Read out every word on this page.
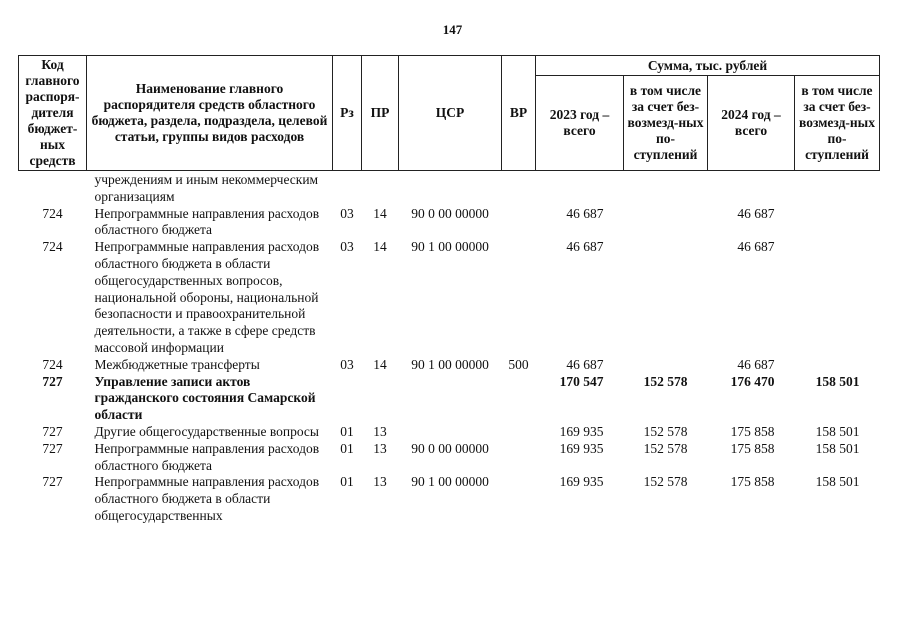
147
Код главного распоря-дителя бюджет-ных средств	Наименование главного распорядителя средств областного бюджета, раздела, подраздела, целевой статьи, группы видов расходов	Рз	ПР	ЦСР	ВР	Сумма, тыс. рублей			
						2023 год – всего	в том числе за счет без-возмезд-ных по-ступлений	2024 год – всего	в том числе за счет без-возмезд-ных по-ступлений
	учреждениям и иным некоммерческим организациям								
724	Непрограммные направления расходов областного бюджета	03	14	90 0 00 00000		46 687		46 687	
724	Непрограммные направления расходов областного бюджета в области общегосударственных вопросов, национальной обороны, национальной безопасности и правоохранительной деятельности, а также в сфере средств массовой информации	03	14	90 1 00 00000		46 687		46 687	
724	Межбюджетные трансферты	03	14	90 1 00 00000	500	46 687		46 687	
727	Управление записи актов гражданского состояния Самарской области					170 547	152 578	176 470	158 501
727	Другие общегосударственные вопросы	01	13			169 935	152 578	175 858	158 501
727	Непрограммные направления расходов областного бюджета	01	13	90 0 00 00000		169 935	152 578	175 858	158 501
727	Непрограммные направления расходов областного бюджета в области общегосударственных	01	13	90 1 00 00000		169 935	152 578	175 858	158 501
